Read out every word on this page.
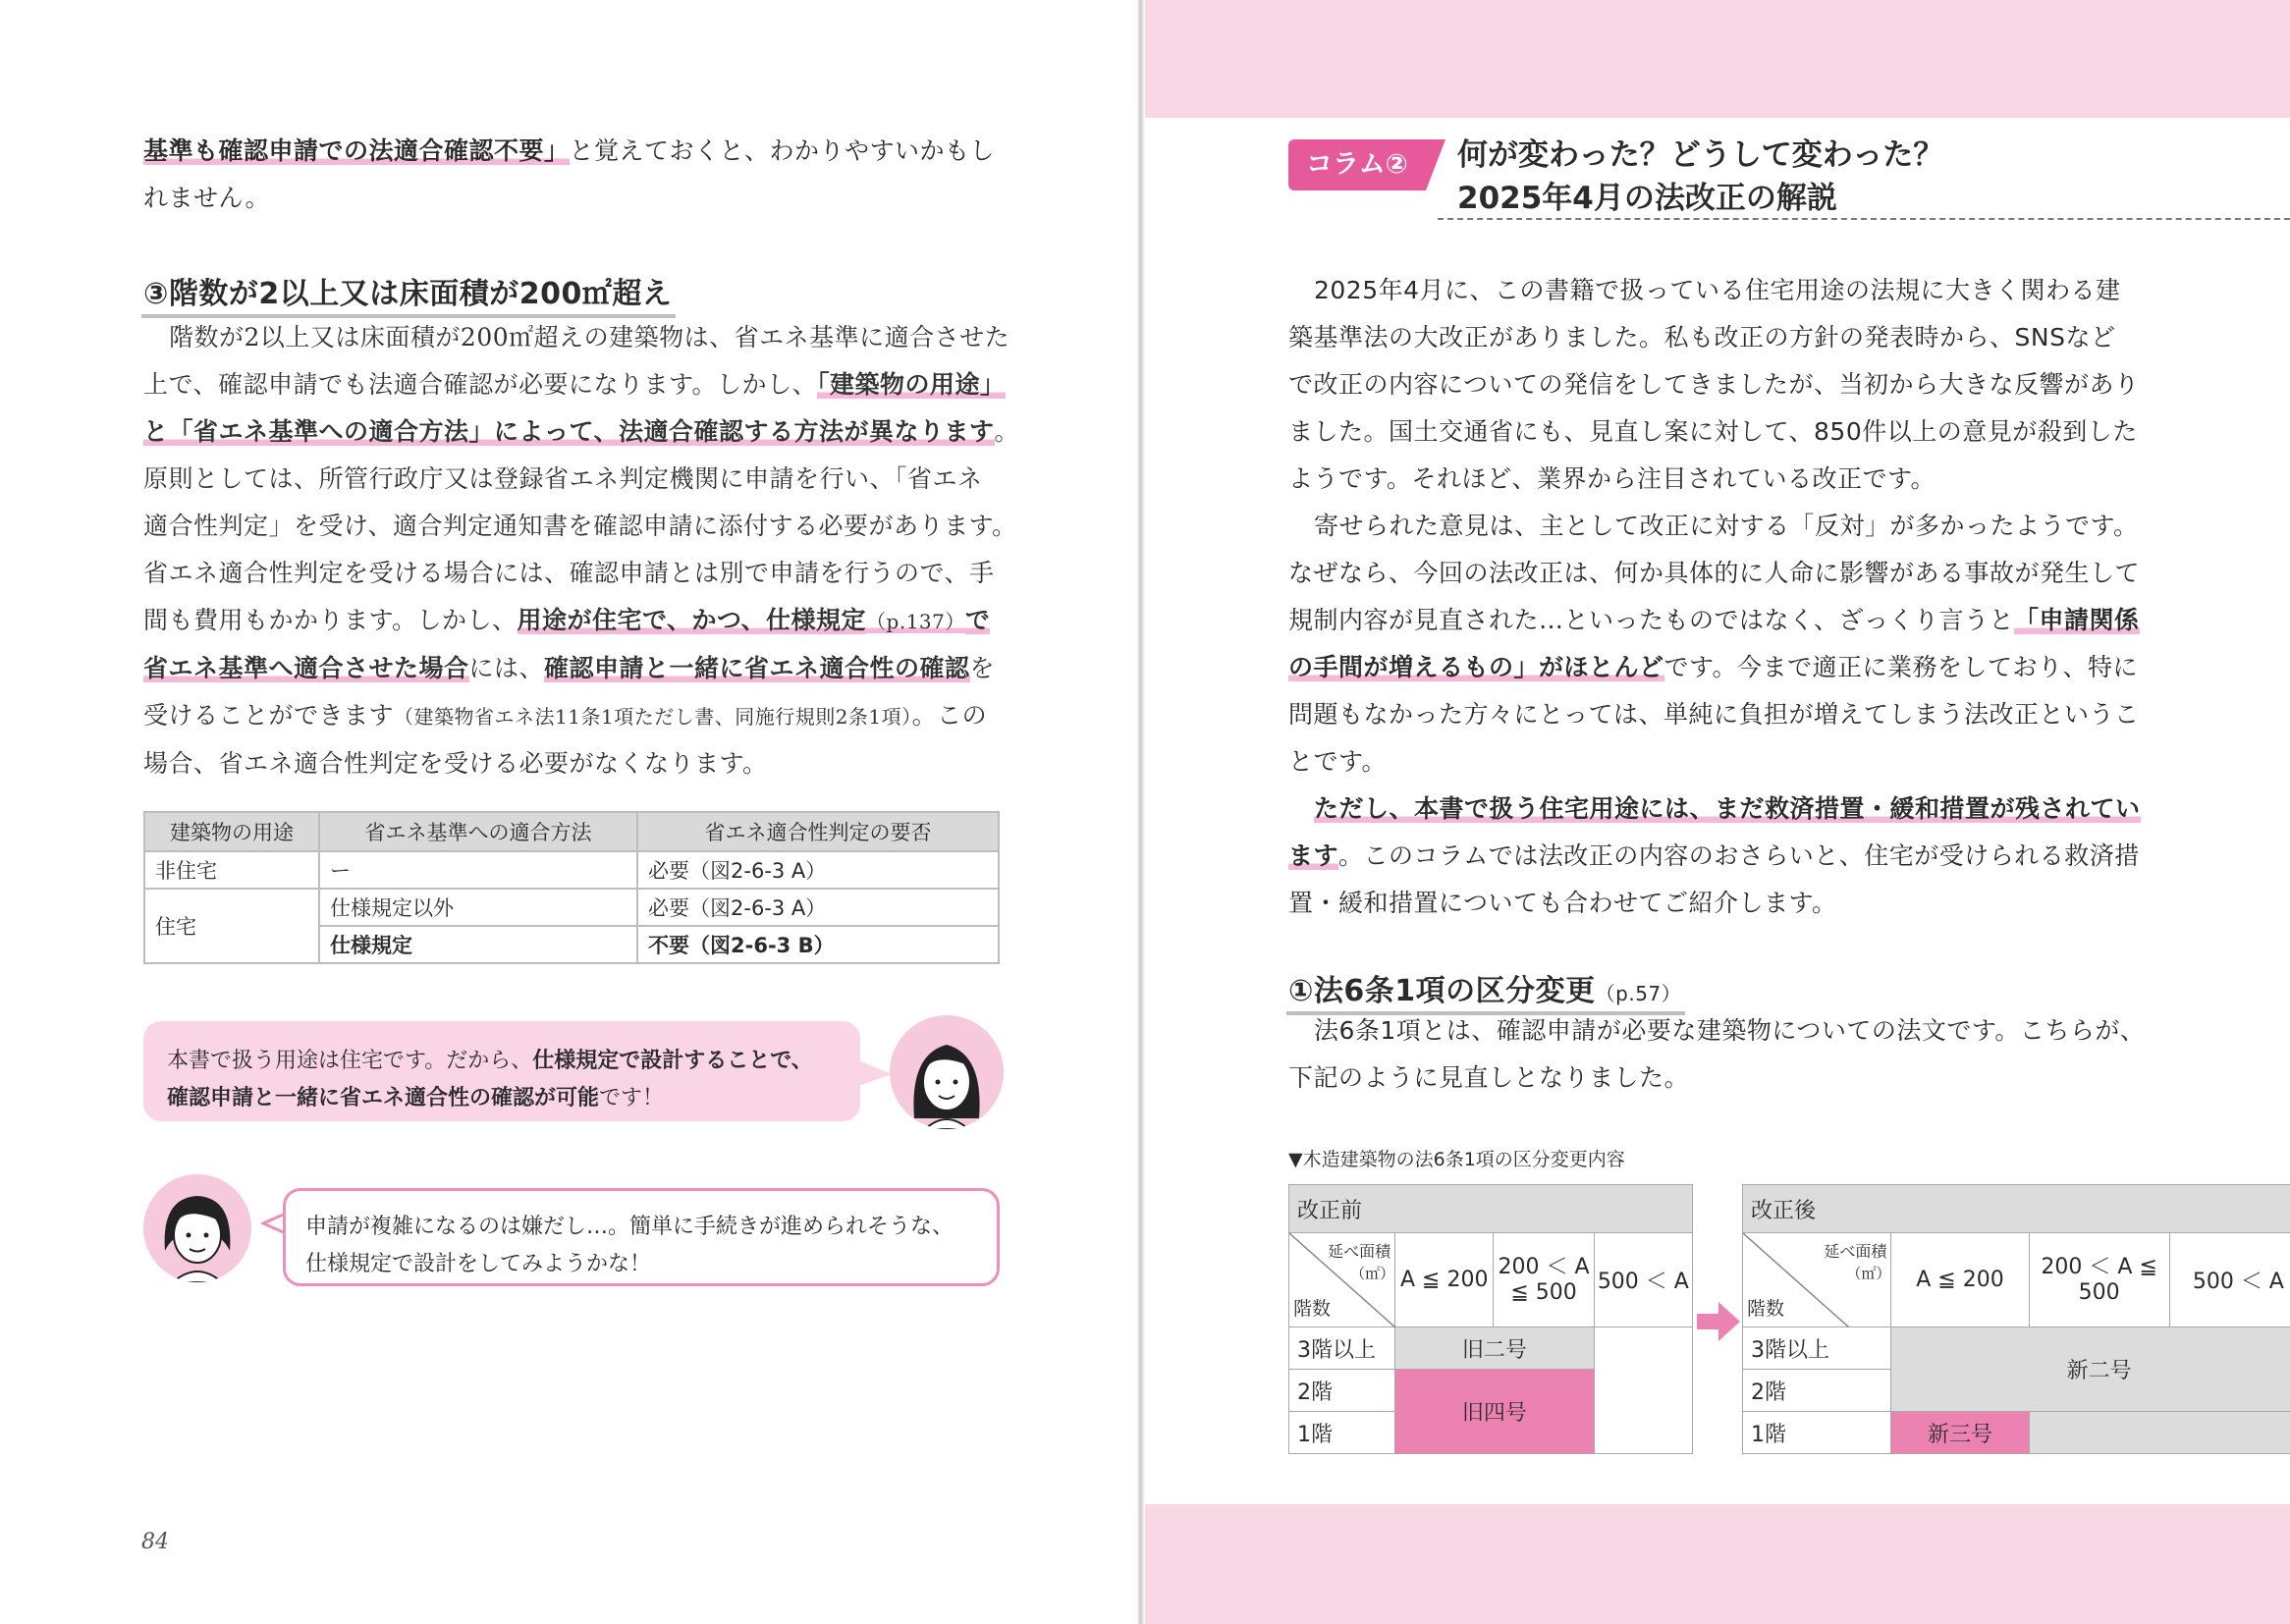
基準も確認申請での法適合確認不要」と覚えておくと、わかりやすいかもし
れません。
③階数が2以上又は床面積が200㎡超え
階数が2以上又は床面積が200㎡超えの建築物は、省エネ基準に適合させた
上で、確認申請でも法適合確認が必要になります。しかし、「建築物の用途」
と「省エネ基準への適合方法」によって、法適合確認する方法が異なります。
原則としては、所管行政庁又は登録省エネ判定機関に申請を行い、「省エネ
適合性判定」を受け、適合判定通知書を確認申請に添付する必要があります。
省エネ適合性判定を受ける場合には、確認申請とは別で申請を行うので、手
間も費用もかかります。しかし、用途が住宅で、かつ、仕様規定（p.137）で
省エネ基準へ適合させた場合には、確認申請と一緒に省エネ適合性の確認を
受けることができます（建築物省エネ法11条1項ただし書、同施行規則2条1項）。この
場合、省エネ適合性判定を受ける必要がなくなります。
建築物の用途	省エネ基準への適合方法	省エネ適合性判定の要否
非住宅	ー	必要（図2-6-3 A）
住宅	仕様規定以外	必要（図2-6-3 A）
	仕様規定	不要（図2-6-3 B）
本書で扱う用途は住宅です。だから、仕様規定で設計することで、
確認申請と一緒に省エネ適合性の確認が可能です！
申請が複雑になるのは嫌だし…。簡単に手続きが進められそうな、
仕様規定で設計をしてみようかな！
84
コラム②	何が変わった？どうして変わった？
2025年4月の法改正の解説
2025年4月に、この書籍で扱っている住宅用途の法規に大きく関わる建
築基準法の大改正がありました。私も改正の方針の発表時から、SNSなど
で改正の内容についての発信をしてきましたが、当初から大きな反響があり
ました。国土交通省にも、見直し案に対して、850件以上の意見が殺到した
ようです。それほど、業界から注目されている改正です。
寄せられた意見は、主として改正に対する「反対」が多かったようです。
なぜなら、今回の法改正は、何か具体的に人命に影響がある事故が発生して
規制内容が見直された…といったものではなく、ざっくり言うと「申請関係
の手間が増えるもの」がほとんどです。今まで適正に業務をしており、特に
問題もなかった方々にとっては、単純に負担が増えてしまう法改正というこ
とです。
ただし、本書で扱う住宅用途には、まだ救済措置・緩和措置が残されてい
ます。このコラムでは法改正の内容のおさらいと、住宅が受けられる救済措
置・緩和措置についても合わせてご紹介します。
①法6条1項の区分変更（p.57）
法6条1項とは、確認申請が必要な建築物についての法文です。こちらが、
下記のように見直しとなりました。
▼木造建築物の法6条1項の区分変更内容
改正前			

延べ面積
（㎡）
階数	A ≦ 200	200 ＜ A ≦ 500	500 ＜ A
3階以上	旧二号		
2階	旧四号		
1階			
改正後			

延べ面積
（㎡）
階数	A ≦ 200	200 ＜ A ≦ 500	500 ＜ A
3階以上	新二号		
2階			
1階	新三号		
